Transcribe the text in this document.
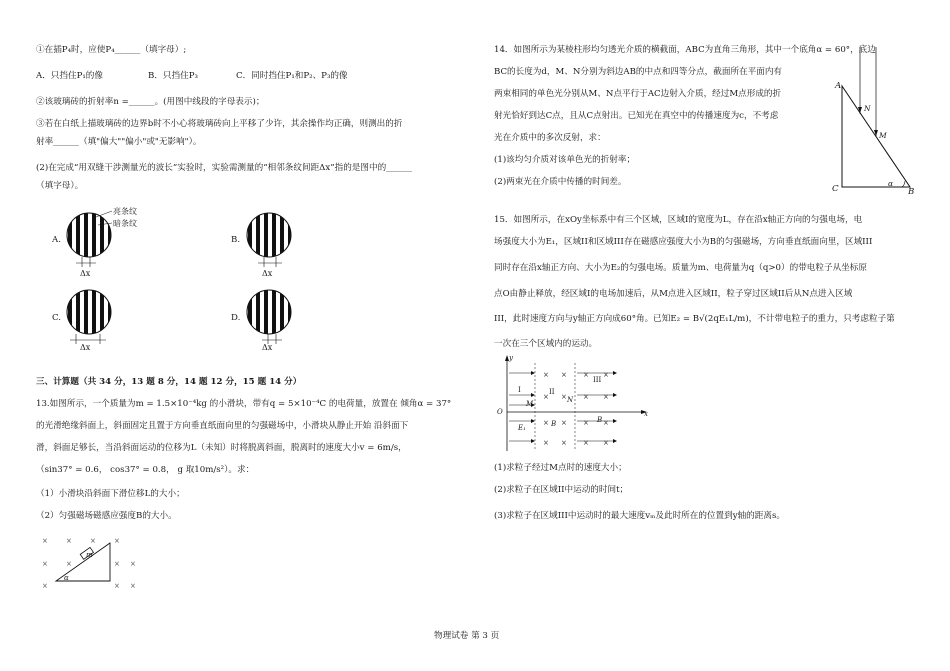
①在插P₄时，应使P₄______（填字母）;
A．只挡住P₁的像	B．只挡住P₃	C．同时挡住P₁和P₂、P₃的像
②该玻璃砖的折射率n =______。(用图中线段的字母表示)；
③若在白纸上描玻璃砖的边界b时不小心将玻璃砖向上平移了少许，其余操作均正确，则测出的折
射率______（填"偏大""偏小"或"无影响"）。
(2)在完成“用双缝干涉测量光的波长”实验时，实验需测量的“相邻条纹间距Δx”指的是图中的______
（填字母）。
亮条纹
暗条纹
Δx	Δx
Δx	Δx
A.	B.
C.	D.
三、计算题（共 34 分，13 题 8 分，14 题 12 分，15 题 14 分）
13.如图所示，一个质量为m = 1.5×10⁻⁴kg 的小滑块，带有q = 5×10⁻⁴C 的电荷量，放置在 倾角α = 37°
的光滑绝缘斜面上，斜面固定且置于方向垂直纸面向里的匀强磁场中，小滑块从静止开始 沿斜面下
滑，斜面足够长，当沿斜面运动的位移为L（未知）时将脱离斜面，脱离时的速度大小v = 6m/s，
（sin37° = 0.6， cos37° = 0.8， g 取10m/s²）。求：
（1）小滑块沿斜面下滑位移L的大小；
（2）匀强磁场磁感应强度B的大小。
×	×	×	×
×	×	× ×
×	× ×
m
α
14．如图所示为某棱柱形均匀透光介质的横截面，ABC为直角三角形，其中一个底角α = 60°，底边
BC的长度为d，M、N分别为斜边AB的中点和四等分点，截面所在平面内有
两束相同的单色光分别从M、N点平行于AC边射入介质，经过M点形成的折
射光恰好到达C点，且从C点射出。已知光在真空中的传播速度为c，不考虑
光在介质中的多次反射，求：
(1)该均匀介质对该单色光的折射率；
(2)两束光在介质中传播的时间差。
A
N
M
C	B
α
15．如图所示，在xOy坐标系中有三个区域，区域I的宽度为L，存在沿x轴正方向的匀强电场，电
场强度大小为E₁，区域II和区域III存在磁感应强度大小为B的匀强磁场，方向垂直纸面向里，区域III
同时存在沿x轴正方向、大小为E₂的匀强电场。质量为m、电荷量为q（q>0）的带电粒子从坐标原
点O由静止释放，经区域I的电场加速后，从M点进入区域II，粒子穿过区域II后从N点进入区域
III，此时速度方向与y轴正方向成60°角。已知E₂ = B√(2qE₁L/m)，不计带电粒子的重力，只考虑粒子第
一次在三个区域内的运动。
× × × ×
× × × ×
× × × ×
× × × ×
y
x
O
M	N
I	II
III
B	B
E₁
(1)求粒子经过M点时的速度大小；
(2)求粒子在区域II中运动的时间t；
(3)求粒子在区域III中运动时的最大速度vₘ及此时所在的位置到y轴的距离s。
物理试卷 第 3 页
